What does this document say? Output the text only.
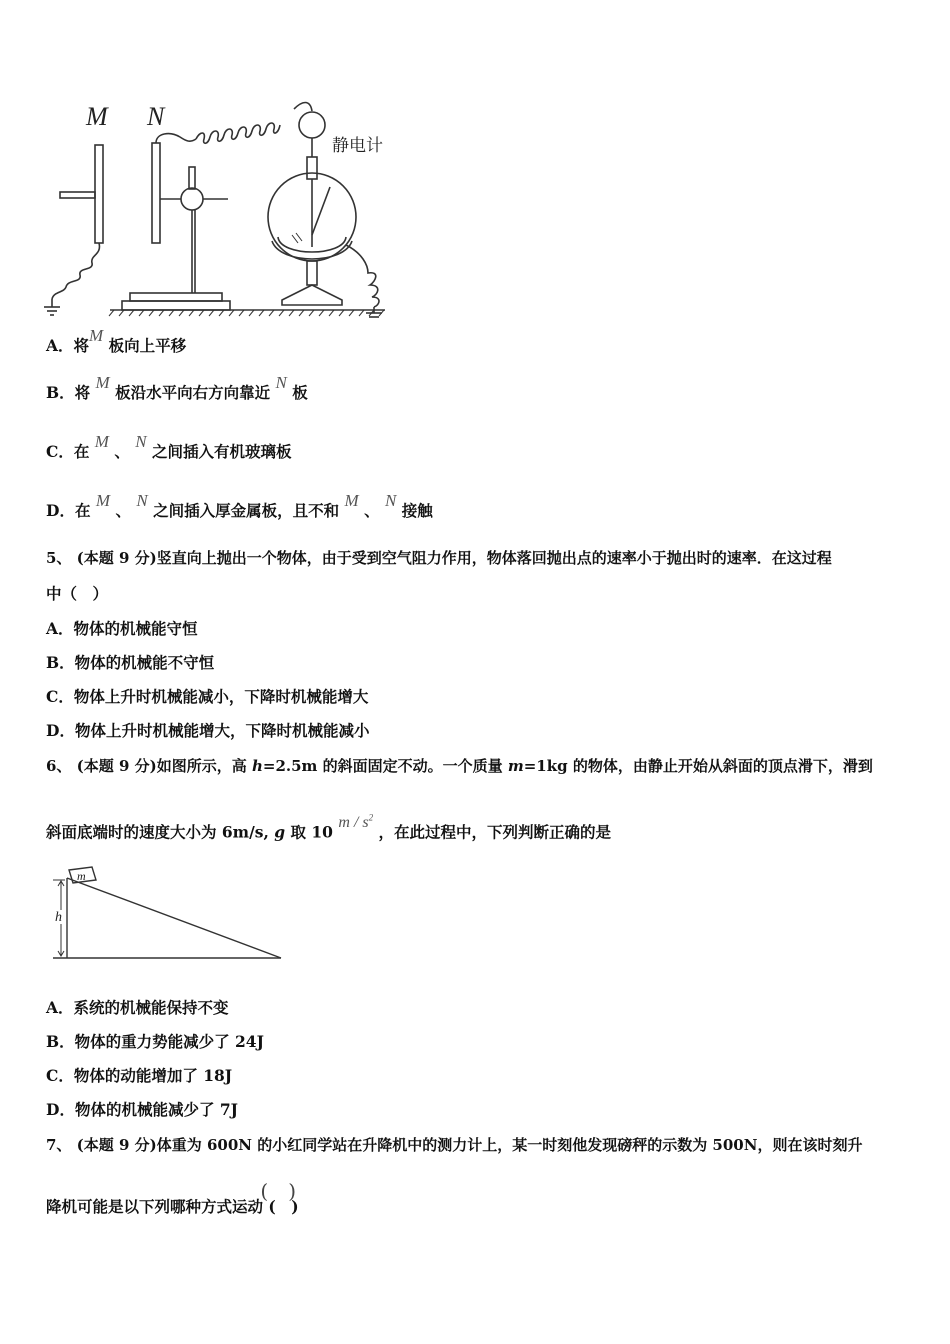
M N
静电计
A．将M 板向上平移
B．将 M 板沿水平向右方向靠近 N 板
C．在 M 、 N 之间插入有机玻璃板
D．在 M 、 N 之间插入厚金属板，且不和 M 、 N 接触
5、 (本题 9 分)竖直向上抛出一个物体，由于受到空气阻力作用，物体落回抛出点的速率小于抛出时的速率．在这过程
中（　）
A．物体的机械能守恒
B．物体的机械能不守恒
C．物体上升时机械能减小，下降时机械能增大
D．物体上升时机械能增大，下降时机械能减小
6、 (本题 9 分)如图所示，高 h=2.5m 的斜面固定不动。一个质量 m=1kg 的物体，由静止开始从斜面的顶点滑下，滑到
斜面底端时的速度大小为 6m/s, g 取 10 m / $s^2$ ，在此过程中，下列判断正确的是
m
h
A．系统的机械能保持不变
B．物体的重力势能减少了 24J
C．物体的动能增加了 18J
D．物体的机械能减少了 7J
7、 (本题 9 分)体重为 600N 的小红同学站在升降机中的测力计上，某一时刻他发现磅秤的示数为 500N，则在该时刻升
降机可能是以下列哪种方式运动 (　)
(　)
